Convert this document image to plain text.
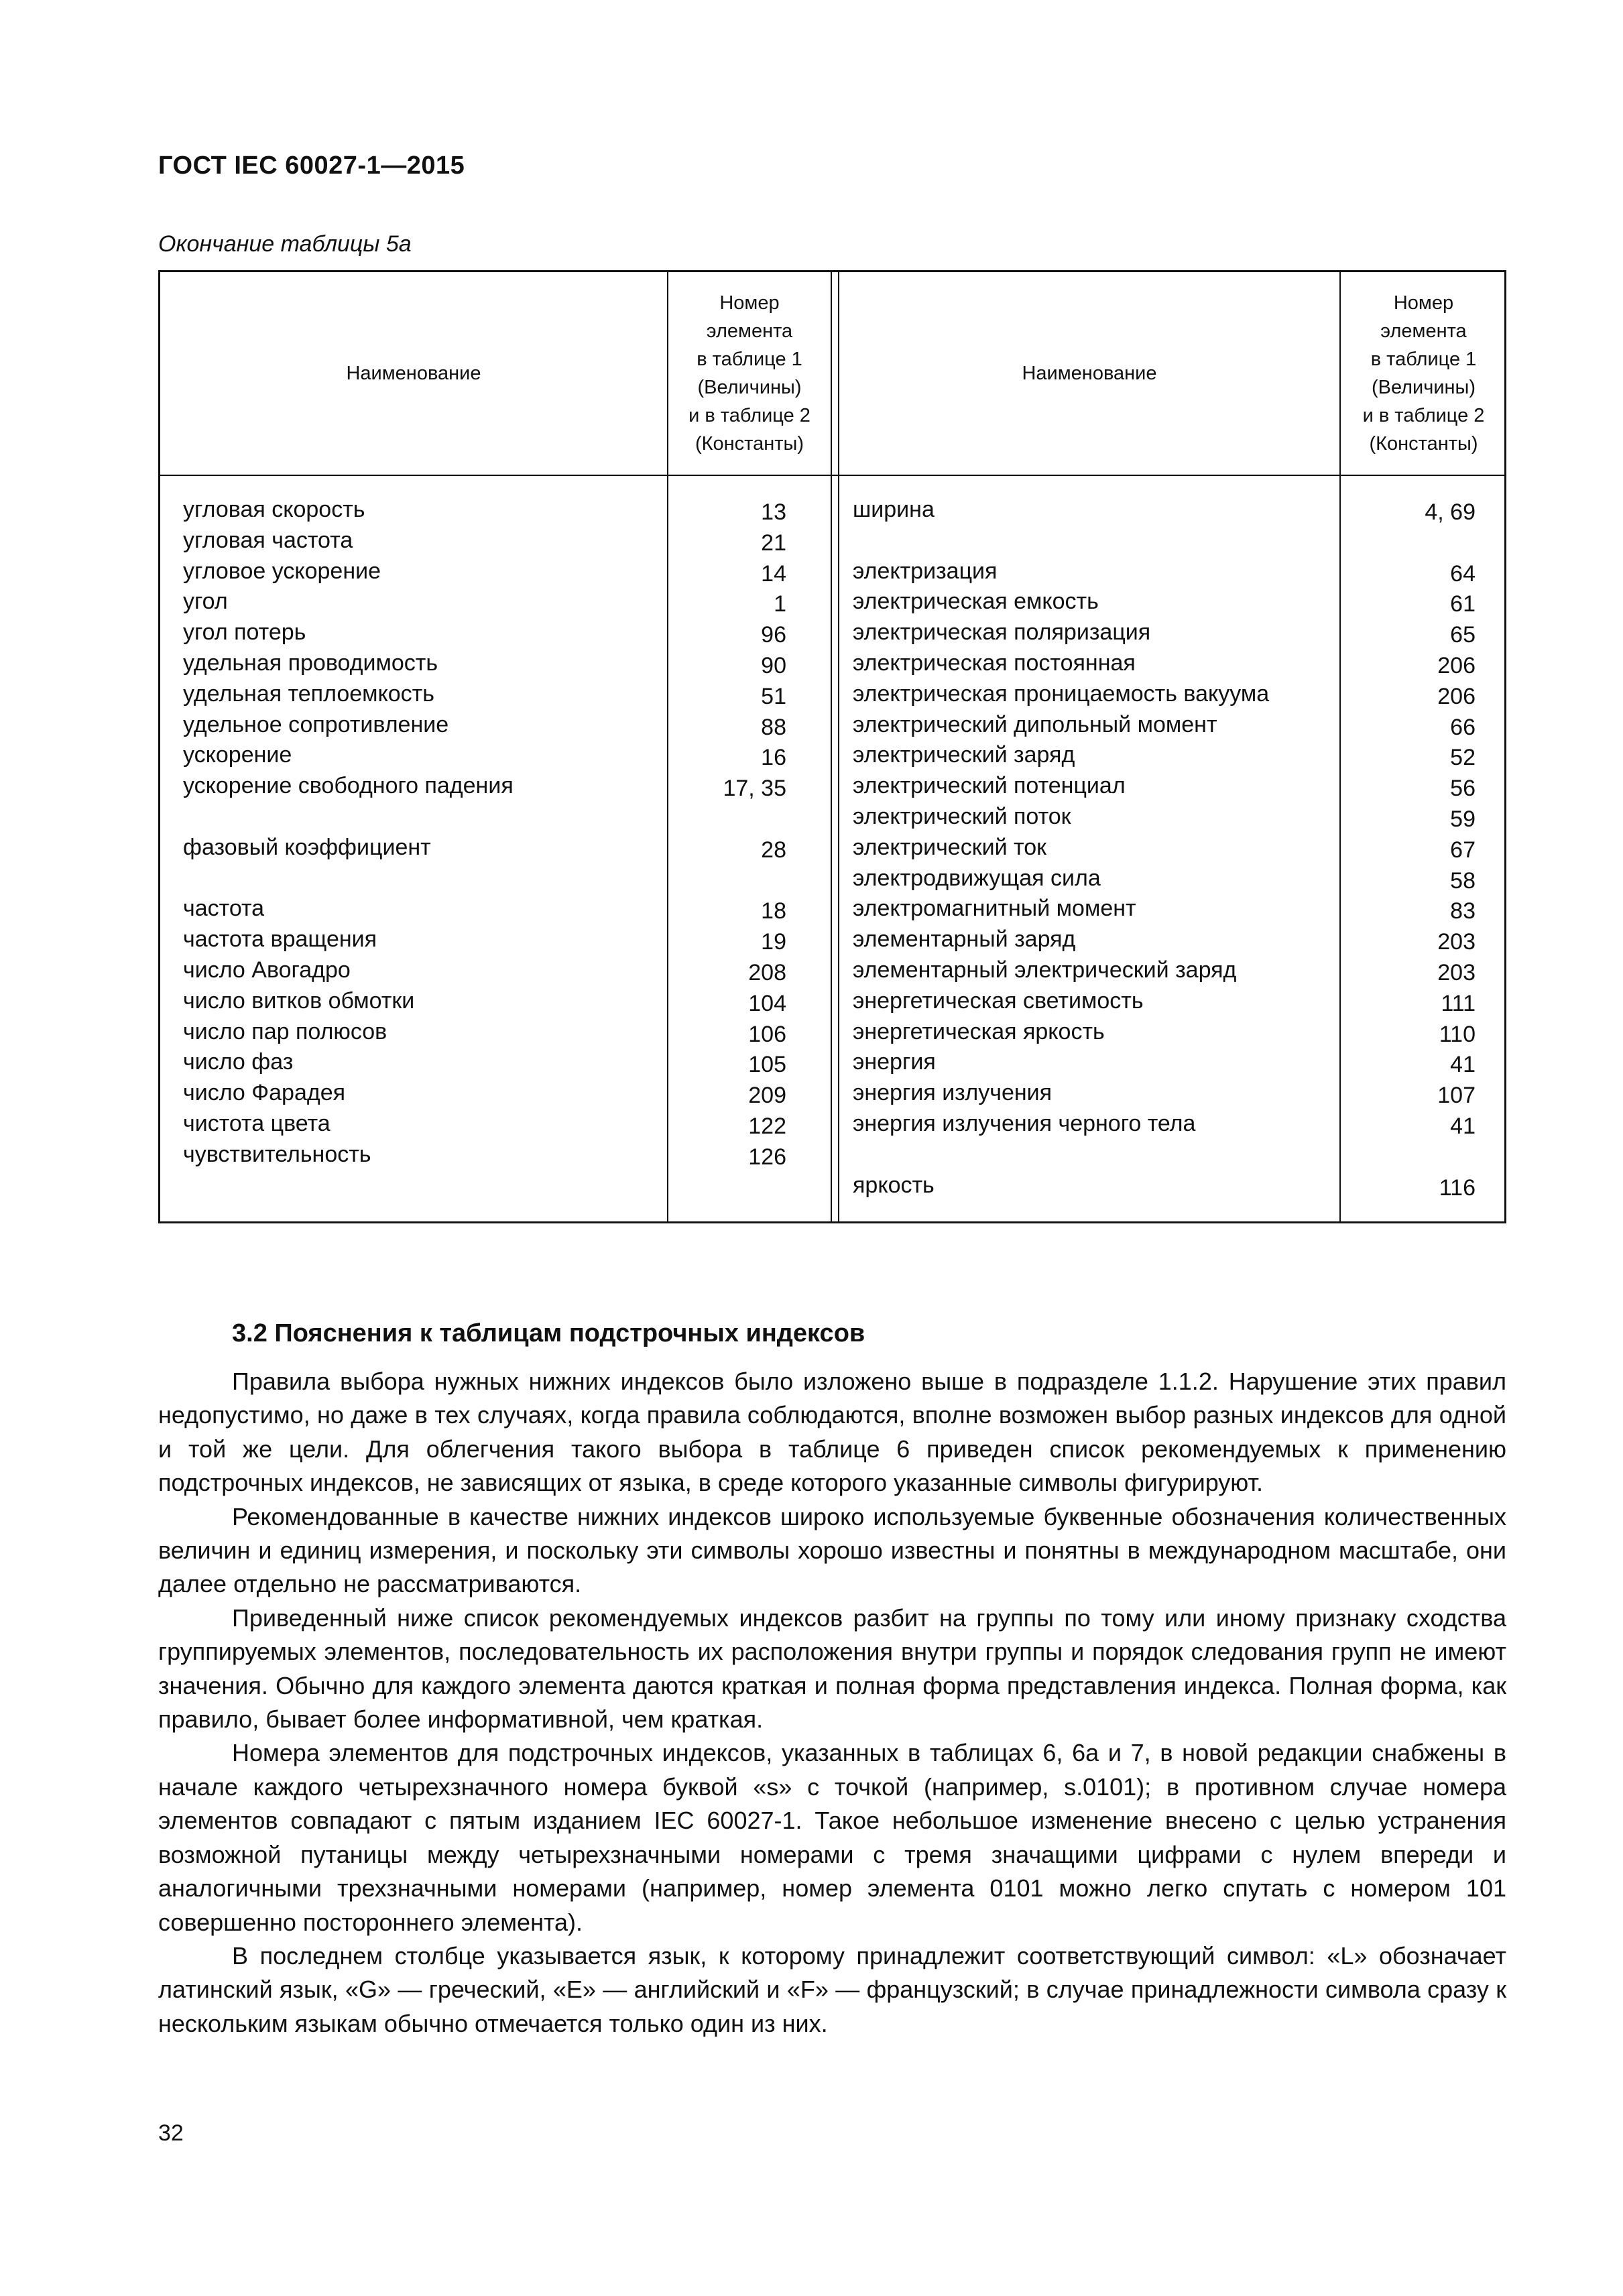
ГОСТ IEC 60027-1—2015
Окончание таблицы 5а
Наименование
Номер
элемента
в таблице 1
(Величины)
и в таблице 2
(Константы)
Наименование
Номер
элемента
в таблице 1
(Величины)
и в таблице 2
(Константы)
угловая скорость
угловая частота
угловое ускорение
угол
угол потерь
удельная проводимость
удельная теплоемкость
удельное сопротивление
ускорение
ускорение свободного падения
фазовый коэффициент
частота
частота вращения
число Авогадро
число витков обмотки
число пар полюсов
число фаз
число Фарадея
чистота цвета
чувствительность
13
21
14
1
96
90
51
88
16
17, 35
28
18
19
208
104
106
105
209
122
126
ширина
электризация
электрическая емкость
электрическая поляризация
электрическая постоянная
электрическая проницаемость вакуума
электрический дипольный момент
электрический заряд
электрический потенциал
электрический поток
электрический ток
электродвижущая сила
электромагнитный момент
элементарный заряд
элементарный электрический заряд
энергетическая светимость
энергетическая яркость
энергия
энергия излучения
энергия излучения черного тела
яркость
4, 69
64
61
65
206
206
66
52
56
59
67
58
83
203
203
111
110
41
107
41
116
3.2 Пояснения к таблицам подстрочных индексов

Правила выбора нужных нижних индексов было изложено выше в подразделе 1.1.2. Нарушение этих правил недопустимо, но даже в тех случаях, когда правила соблюдаются, вполне возможен выбор разных индексов для одной и той же цели. Для облегчения такого выбора в таблице 6 приведен список рекомендуемых к применению подстрочных индексов, не зависящих от языка, в среде которого указанные символы фигурируют.

Рекомендованные в качестве нижних индексов широко используемые буквенные обозначения количественных величин и единиц измерения, и поскольку эти символы хорошо известны и понятны в международном масштабе, они далее отдельно не рассматриваются.

Приведенный ниже список рекомендуемых индексов разбит на группы по тому или иному признаку сходства группируемых элементов, последовательность их расположения внутри группы и порядок следования групп не имеют значения. Обычно для каждого элемента даются краткая и полная форма представления индекса. Полная форма, как правило, бывает более информативной, чем краткая.

Номера элементов для подстрочных индексов, указанных в таблицах 6, 6а и 7, в новой редакции снабжены в начале каждого четырехзначного номера буквой «s» с точкой (например, s.0101); в противном случае номера элементов совпадают с пятым изданием IEC 60027-1. Такое небольшое изменение внесено с целью устранения возможной путаницы между четырехзначными номерами с тремя значащими цифрами с нулем впереди и аналогичными трехзначными номерами (например, номер элемента 0101 можно легко спутать с номером 101 совершенно постороннего элемента).

В последнем столбце указывается язык, к которому принадлежит соответствующий символ: «L» обозначает латинский язык, «G» — греческий, «E» — английский и «F» — французский; в случае принадлежности символа сразу к нескольким языкам обычно отмечается только один из них.

32
